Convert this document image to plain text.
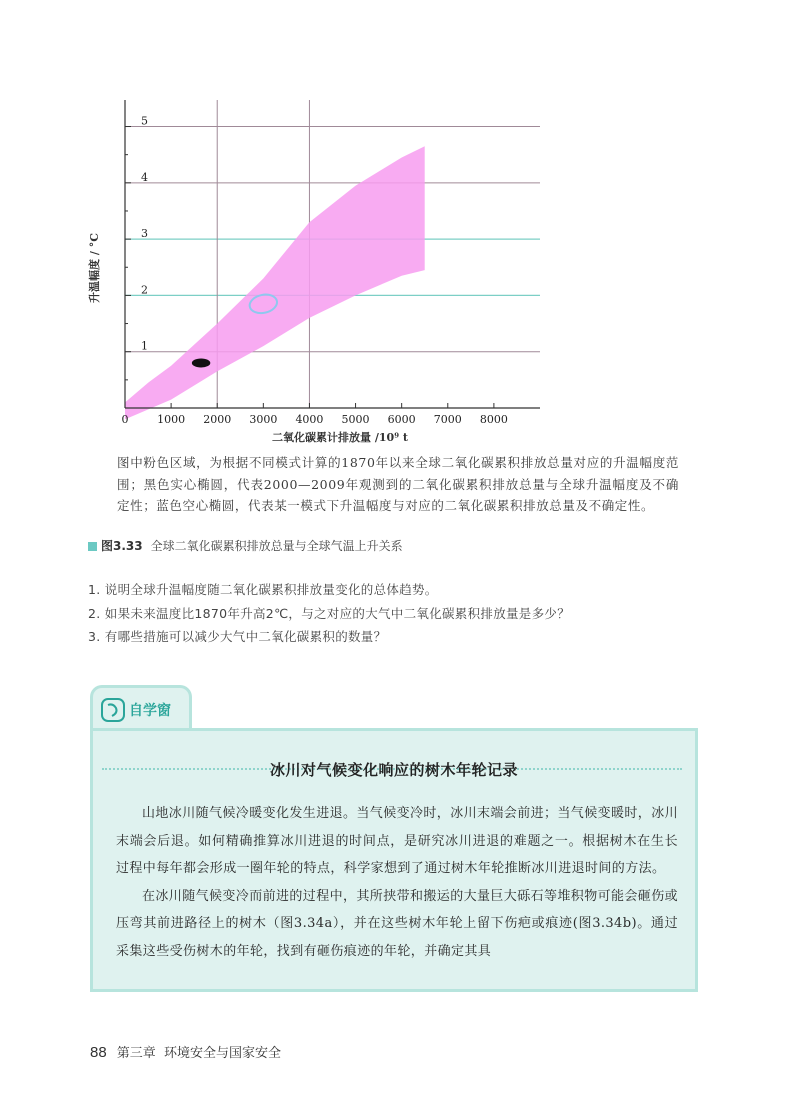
0	1000 2000 3000 4000 5000 6000 7000 8000
1
2
3
4
5
二氧化碳累计排放量 /10⁹ t
升温幅度 / °C
图中粉色区域，为根据不同模式计算的1870年以来全球二氧化碳累积排放总量对应的升温幅度范围；黑色实心椭圆，代表2000—2009年观测到的二氧化碳累积排放总量与全球升温幅度及不确定性；蓝色空心椭圆，代表某一模式下升温幅度与对应的二氧化碳累积排放总量及不确定性。
图3.33 全球二氧化碳累积排放总量与全球气温上升关系
1. 说明全球升温幅度随二氧化碳累积排放量变化的总体趋势。
2. 如果未来温度比1870年升高2℃，与之对应的大气中二氧化碳累积排放量是多少？
3. 有哪些措施可以减少大气中二氧化碳累积的数量？
自学窗
冰川对气候变化响应的树木年轮记录

山地冰川随气候冷暖变化发生进退。当气候变冷时，冰川末端会前进；当气候变暖时，冰川末端会后退。如何精确推算冰川进退的时间点，是研究冰川进退的难题之一。根据树木在生长过程中每年都会形成一圈年轮的特点，科学家想到了通过树木年轮推断冰川进退时间的方法。

在冰川随气候变冷而前进的过程中，其所挟带和搬运的大量巨大砾石等堆积物可能会砸伤或压弯其前进路径上的树木（图3.34a），并在这些树木年轮上留下伤疤或痕迹(图3.34b)。通过采集这些受伤树木的年轮，找到有砸伤痕迹的年轮，并确定其具

88 第三章 环境安全与国家安全
